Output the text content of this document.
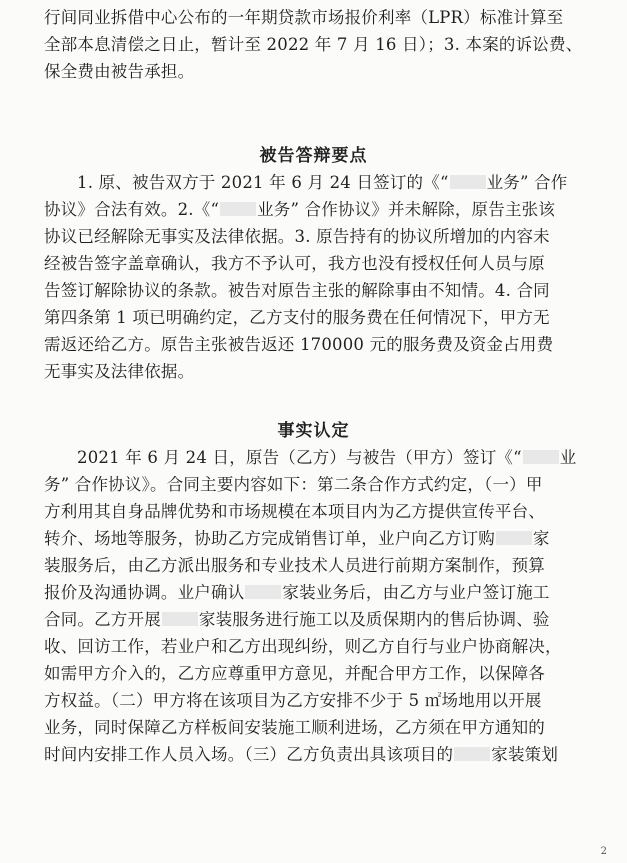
行间同业拆借中心公布的一年期贷款市场报价利率（LPR）标准计算至
全部本息清偿之日止，暂计至 2022 年 7 月 16 日）；3. 本案的诉讼费、
保全费由被告承担。
被告答辩要点
1. 原、被告双方于 2021 年 6 月 24 日签订的《“ 业务” 合作
协议》合法有效。2.《“ 业务” 合作协议》并未解除，原告主张该
协议已经解除无事实及法律依据。3. 原告持有的协议所增加的内容未
经被告签字盖章确认，我方不予认可，我方也没有授权任何人员与原
告签订解除协议的条款。被告对原告主张的解除事由不知情。4. 合同
第四条第 1 项已明确约定，乙方支付的服务费在任何情况下，甲方无
需返还给乙方。原告主张被告返还 170000 元的服务费及资金占用费
无事实及法律依据。
事实认定
2021 年 6 月 24 日，原告（乙方）与被告（甲方）签订《“ 业
务” 合作协议》。合同主要内容如下：第二条合作方式约定，（一）甲
方利用其自身品牌优势和市场规模在本项目内为乙方提供宣传平台、
转介、场地等服务，协助乙方完成销售订单，业户向乙方订购 家
装服务后，由乙方派出服务和专业技术人员进行前期方案制作，预算
报价及沟通协调。业户确认 家装业务后，由乙方与业户签订施工
合同。乙方开展 家装服务进行施工以及质保期内的售后协调、验
收、回访工作，若业户和乙方出现纠纷，则乙方自行与业户协商解决，
如需甲方介入的，乙方应尊重甲方意见，并配合甲方工作，以保障各
方权益。（二）甲方将在该项目为乙方安排不少于 5 ㎡场地用以开展
业务，同时保障乙方样板间安装施工顺利进场，乙方须在甲方通知的
时间内安排工作人员入场。（三）乙方负责出具该项目的 家装策划
2
